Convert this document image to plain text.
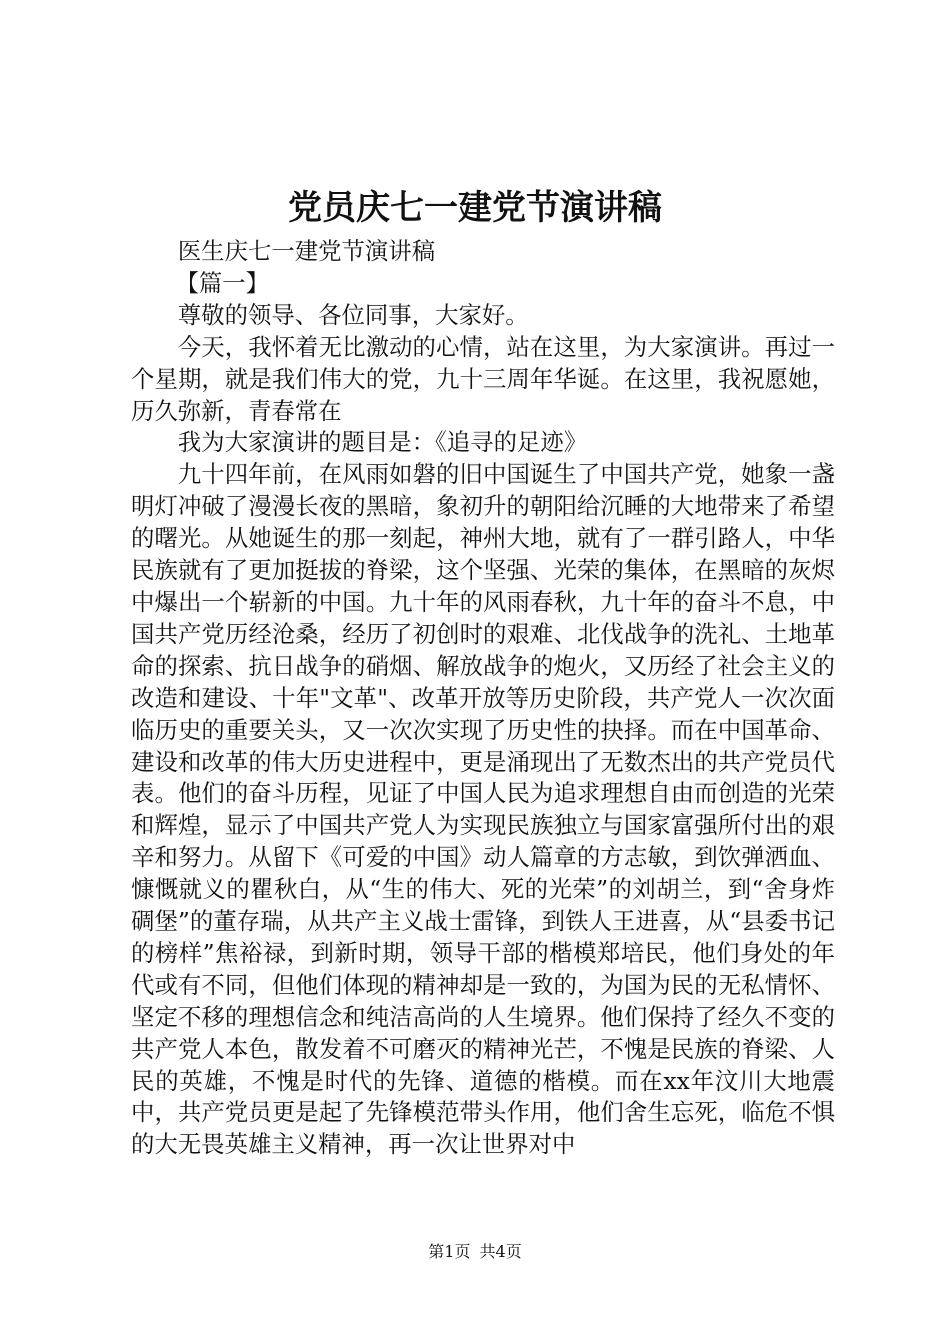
党员庆七一建党节演讲稿

医生庆七一建党节演讲稿

【篇一】

尊敬的领导、各位同事，大家好。

今天，我怀着无比激动的心情，站在这里，为大家演讲。再过一个星期，就是我们伟大的党，九十三周年华诞。在这里，我祝愿她，历久弥新，青春常在

我为大家演讲的题目是：《追寻的足迹》

九十四年前，在风雨如磐的旧中国诞生了中国共产党，她象一盏明灯冲破了漫漫长夜的黑暗，象初升的朝阳给沉睡的大地带来了希望的曙光。从她诞生的那一刻起，神州大地，就有了一群引路人，中华民族就有了更加挺拔的脊梁，这个坚强、光荣的集体，在黑暗的灰烬中爆出一个崭新的中国。九十年的风雨春秋，九十年的奋斗不息，中国共产党历经沧桑，经历了初创时的艰难、北伐战争的洗礼、土地革命的探索、抗日战争的硝烟、解放战争的炮火，又历经了社会主义的改造和建设、十年"文革"、改革开放等历史阶段，共产党人一次次面临历史的重要关头，又一次次实现了历史性的抉择。而在中国革命、建设和改革的伟大历史进程中，更是涌现出了无数杰出的共产党员代表。他们的奋斗历程，见证了中国人民为追求理想自由而创造的光荣和辉煌，显示了中国共产党人为实现民族独立与国家富强所付出的艰辛和努力。从留下《可爱的中国》动人篇章的方志敏，到饮弹洒血、慷慨就义的瞿秋白，从“生的伟大、死的光荣”的刘胡兰，到“舍身炸碉堡”的董存瑞，从共产主义战士雷锋，到铁人王进喜，从“县委书记的榜样”焦裕禄，到新时期，领导干部的楷模郑培民，他们身处的年代或有不同，但他们体现的精神却是一致的，为国为民的无私情怀、坚定不移的理想信念和纯洁高尚的人生境界。他们保持了经久不变的共产党人本色，散发着不可磨灭的精神光芒，不愧是民族的脊梁、人民的英雄，不愧是时代的先锋、道德的楷模。而在xx年汶川大地震中，共产党员更是起了先锋模范带头作用，他们舍生忘死，临危不惧的大无畏英雄主义精神，再一次让世界对中

第1页 共4页
